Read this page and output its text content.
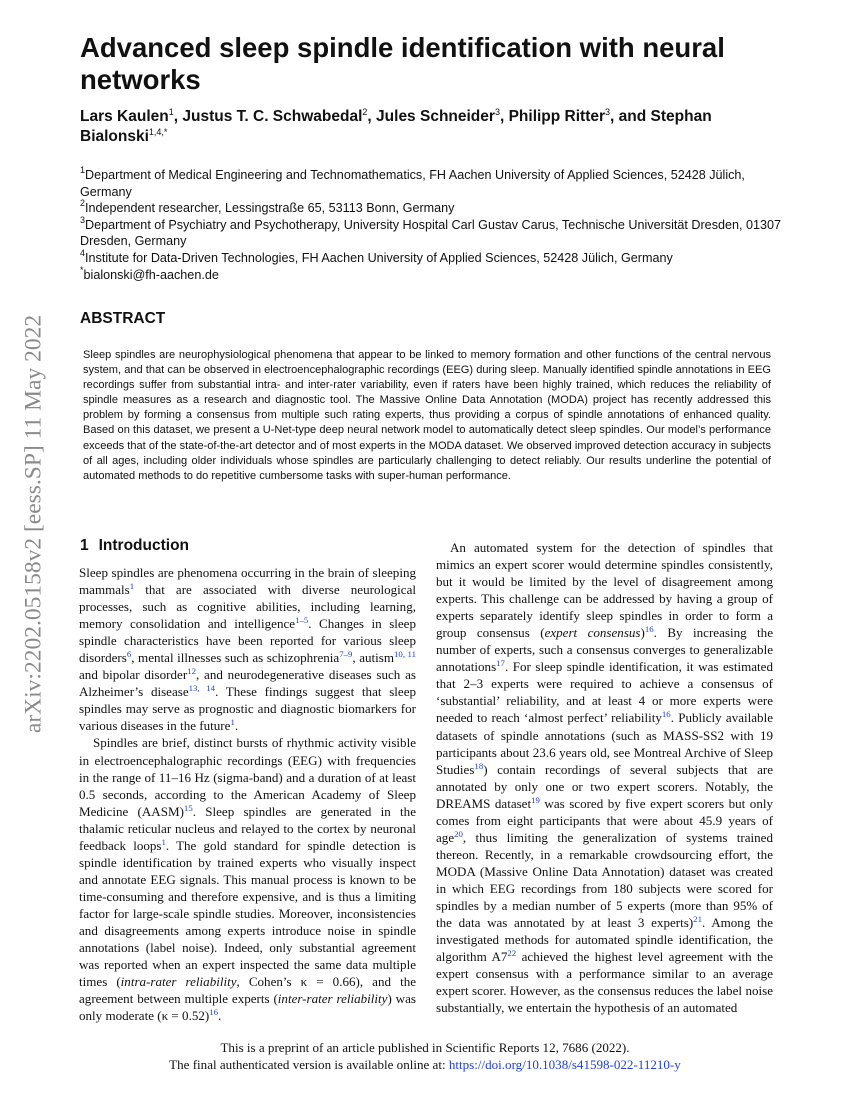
arXiv:2202.05158v2 [eess.SP] 11 May 2022
Advanced sleep spindle identification with neural networks
Lars Kaulen$^1$, Justus T. C. Schwabedal$^2$, Jules Schneider$^3$, Philipp Ritter$^3$, and Stephan Bialonski$^{1,4,*}$

$^1$Department of Medical Engineering and Technomathematics, FH Aachen University of Applied Sciences, 52428 Jülich, Germany

$^2$Independent researcher, Lessingstraße 65, 53113 Bonn, Germany

$^3$Department of Psychiatry and Psychotherapy, University Hospital Carl Gustav Carus, Technische Universität Dresden, 01307 Dresden, Germany

$^4$Institute for Data-Driven Technologies, FH Aachen University of Applied Sciences, 52428 Jülich, Germany

*bialonski@fh-aachen.de

ABSTRACT

Sleep spindles are neurophysiological phenomena that appear to be linked to memory formation and other functions of the central nervous system, and that can be observed in electroencephalographic recordings (EEG) during sleep. Manually identified spindle annotations in EEG recordings suffer from substantial intra- and inter-rater variability, even if raters have been highly trained, which reduces the reliability of spindle measures as a research and diagnostic tool. The Massive Online Data Annotation (MODA) project has recently addressed this problem by forming a consensus from multiple such rating experts, thus providing a corpus of spindle annotations of enhanced quality. Based on this dataset, we present a U-Net-type deep neural network model to automatically detect sleep spindles. Our model’s performance exceeds that of the state-of-the-art detector and of most experts in the MODA dataset. We observed improved detection accuracy in subjects of all ages, including older individuals whose spindles are particularly challenging to detect reliably. Our results underline the potential of automated methods to do repetitive cumbersome tasks with super-human performance.

1 Introduction

Sleep spindles are phenomena occurring in the brain of sleeping mammals$^1$ that are associated with diverse neurological processes, such as cognitive abilities, including learning, memory consolidation and intelligence$^{1-5}$. Changes in sleep spindle characteristics have been reported for various sleep disorders$^6$, mental illnesses such as schizophrenia$^{7-9}$, autism$^{10, 11}$ and bipolar disorder$^{12}$, and neurodegenerative diseases such as Alzheimer’s disease$^{13, 14}$. These findings suggest that sleep spindles may serve as prognostic and diagnostic biomarkers for various diseases in the future$^1$.

Spindles are brief, distinct bursts of rhythmic activity visible in electroencephalographic recordings (EEG) with frequencies in the range of 11–16 Hz (sigma-band) and a duration of at least 0.5 seconds, according to the American Academy of Sleep Medicine (AASM)$^{15}$. Sleep spindles are generated in the thalamic reticular nucleus and relayed to the cortex by neuronal feedback loops$^1$. The gold standard for spindle detection is spindle identification by trained experts who visually inspect and annotate EEG signals. This manual process is known to be time-consuming and therefore expensive, and is thus a limiting factor for large-scale spindle studies. Moreover, inconsistencies and disagreements among experts introduce noise in spindle annotations (label noise). Indeed, only substantial agreement was reported when an expert inspected the same data multiple times (intra-rater reliability, Cohen’s κ = 0.66), and the agreement between multiple experts (inter-rater reliability) was only moderate (κ = 0.52)$^{16}$.

An automated system for the detection of spindles that mimics an expert scorer would determine spindles consistently, but it would be limited by the level of disagreement among experts. This challenge can be addressed by having a group of experts separately identify sleep spindles in order to form a group consensus (expert consensus)$^{16}$. By increasing the number of experts, such a consensus converges to generalizable annotations$^{17}$. For sleep spindle identification, it was estimated that 2–3 experts were required to achieve a consensus of ‘substantial’ reliability, and at least 4 or more experts were needed to reach ‘almost perfect’ reliability$^{16}$. Publicly available datasets of spindle annotations (such as MASS-SS2 with 19 participants about 23.6 years old, see Montreal Archive of Sleep Studies$^{18}$) contain recordings of several subjects that are annotated by only one or two expert scorers. Notably, the DREAMS dataset$^{19}$ was scored by five expert scorers but only comes from eight participants that were about 45.9 years of age$^{20}$, thus limiting the generalization of systems trained thereon. Recently, in a remarkable crowdsourcing effort, the MODA (Massive Online Data Annotation) dataset was created in which EEG recordings from 180 subjects were scored for spindles by a median number of 5 experts (more than 95% of the data was annotated by at least 3 experts)$^{21}$. Among the investigated methods for automated spindle identification, the algorithm A7$^{22}$ achieved the highest level agreement with the expert consensus with a performance similar to an average expert scorer. However, as the consensus reduces the label noise substantially, we entertain the hypothesis of an automated

This is a preprint of an article published in Scientific Reports 12, 7686 (2022).
The final authenticated version is available online at: https://doi.org/10.1038/s41598-022-11210-y
